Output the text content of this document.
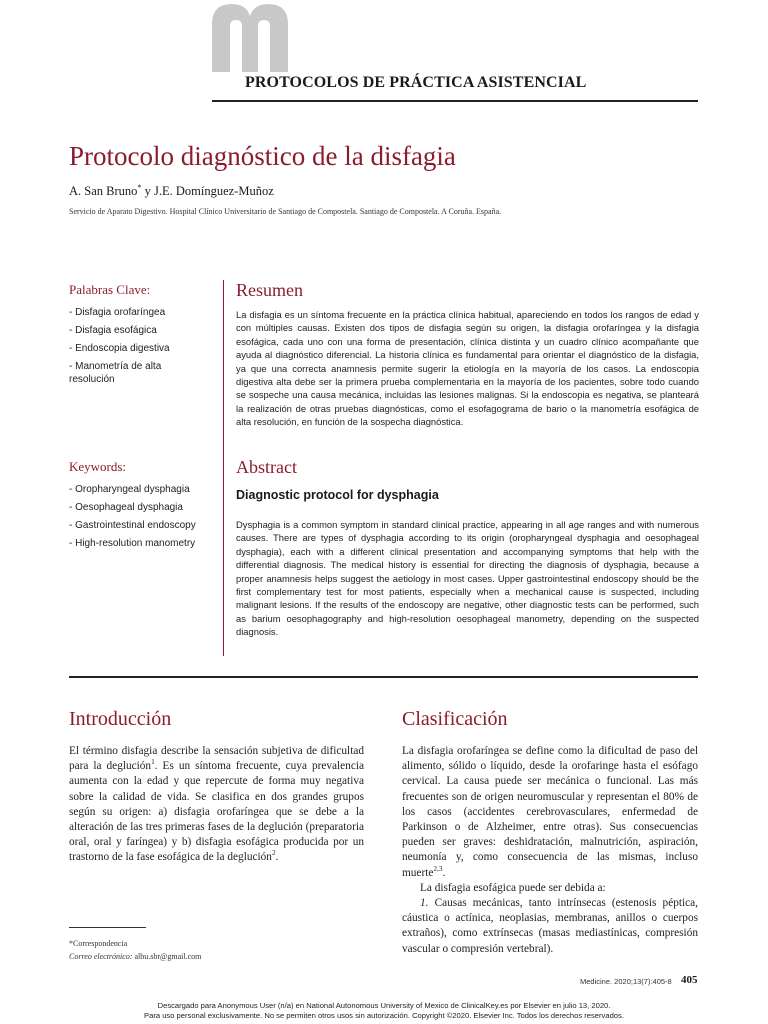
PROTOCOLOS DE PRÁCTICA ASISTENCIAL
Protocolo diagnóstico de la disfagia
A. San Bruno* y J.E. Domínguez-Muñoz
Servicio de Aparato Digestivo. Hospital Clínico Universitario de Santiago de Compostela. Santiago de Compostela. A Coruña. España.
Palabras Clave:
- Disfagia orofaríngea
- Disfagia esofágica
- Endoscopia digestiva
- Manometría de alta
resolución
Keywords:
- Oropharyngeal dysphagia
- Oesophageal dysphagia
- Gastrointestinal endoscopy
- High-resolution manometry
Resumen
La disfagia es un síntoma frecuente en la práctica clínica habitual, apareciendo en todos los rangos de edad y con múltiples causas. Existen dos tipos de disfagia según su origen, la disfagia orofaríngea y la disfagia esofágica, cada uno con una forma de presentación, clínica distinta y un cuadro clínico acompañante que ayuda al diagnóstico diferencial. La historia clínica es fundamental para orientar el diagnóstico de la disfagia, ya que una correcta anamnesis permite sugerir la etiología en la mayoría de los casos. La endoscopia digestiva alta debe ser la primera prueba complementaria en la mayoría de los pacientes, sobre todo cuando se sospeche una causa mecánica, incluidas las lesiones malignas. Si la endoscopia es negativa, se planteará la realización de otras pruebas diagnósticas, como el esofagograma de bario o la manometría esofágica de alta resolución, en función de la sospecha diagnóstica.
Abstract
Diagnostic protocol for dysphagia
Dysphagia is a common symptom in standard clinical practice, appearing in all age ranges and with numerous causes. There are types of dysphagia according to its origin (oropharyngeal dysphagia and oesophageal dysphagia), each with a different clinical presentation and accompanying symptoms that help with the differential diagnosis. The medical history is essential for directing the diagnosis of dysphagia, because a proper anamnesis helps suggest the aetiology in most cases. Upper gastrointestinal endoscopy should be the first complementary test for most patients, especially when a mechanical cause is suspected, including malignant lesions. If the results of the endoscopy are negative, other diagnostic tests can be performed, such as barium oesophagography and high-resolution oesophageal manometry, depending on the suspected diagnosis.
Introducción

El término disfagia describe la sensación subjetiva de dificultad para la deglución$^1$. Es un síntoma frecuente, cuya prevalencia aumenta con la edad y que repercute de forma muy negativa sobre la calidad de vida. Se clasifica en dos grandes grupos según su origen: a) disfagia orofaríngea que se debe a la alteración de las tres primeras fases de la deglución (preparatoria oral, oral y faríngea) y b) disfagia esofágica producida por un trastorno de la fase esofágica de la deglución$^2$.

*Correspondencia
Correo electrónico: albu.sbr@gmail.com
Clasificación

La disfagia orofaríngea se define como la dificultad de paso del alimento, sólido o líquido, desde la orofaringe hasta el esófago cervical. La causa puede ser mecánica o funcional. Las más frecuentes son de origen neuromuscular y representan el 80% de los casos (accidentes cerebrovasculares, enfermedad de Parkinson o de Alzheimer, entre otras). Sus consecuencias pueden ser graves: deshidratación, malnutrición, aspiración, neumonía y, como consecuencia de las mismas, incluso muerte$^{2,3}$.

La disfagia esofágica puede ser debida a:

1. Causas mecánicas, tanto intrínsecas (estenosis péptica, cáustica o actínica, neoplasias, membranas, anillos o cuerpos extraños), como extrínsecas (masas mediastínicas, compresión vascular o compresión vertebral).

Medicine. 2020;13(7):405-8 405
Descargado para Anonymous User (n/a) en National Autonomous University of Mexico de ClinicalKey.es por Elsevier en julio 13, 2020.
Para uso personal exclusivamente. No se permiten otros usos sin autorización. Copyright ©2020. Elsevier Inc. Todos los derechos reservados.
